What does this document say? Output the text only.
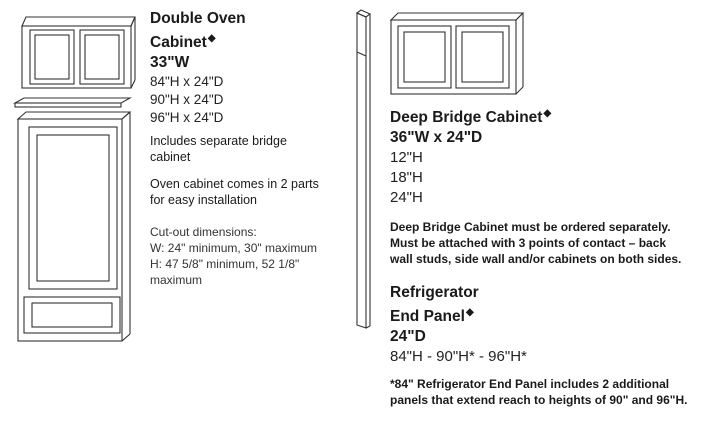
Double Oven
Cabinet◆
33"W
84"H x 24"D
90"H x 24"D
96"H x 24"D
Includes separate bridge
cabinet
Oven cabinet comes in 2 parts
for easy installation
Cut-out dimensions:
W: 24" minimum, 30" maximum
H: 47 5/8" minimum, 52 1/8"
maximum
Deep Bridge Cabinet◆
36"W x 24"D
12"H
18"H
24"H
Deep Bridge Cabinet must be ordered separately.
Must be attached with 3 points of contact – back
wall studs, side wall and/or cabinets on both sides.
Refrigerator
End Panel◆
24"D
84"H - 90"H* - 96"H*
*84" Refrigerator End Panel includes 2 additional
panels that extend reach to heights of 90" and 96"H.
